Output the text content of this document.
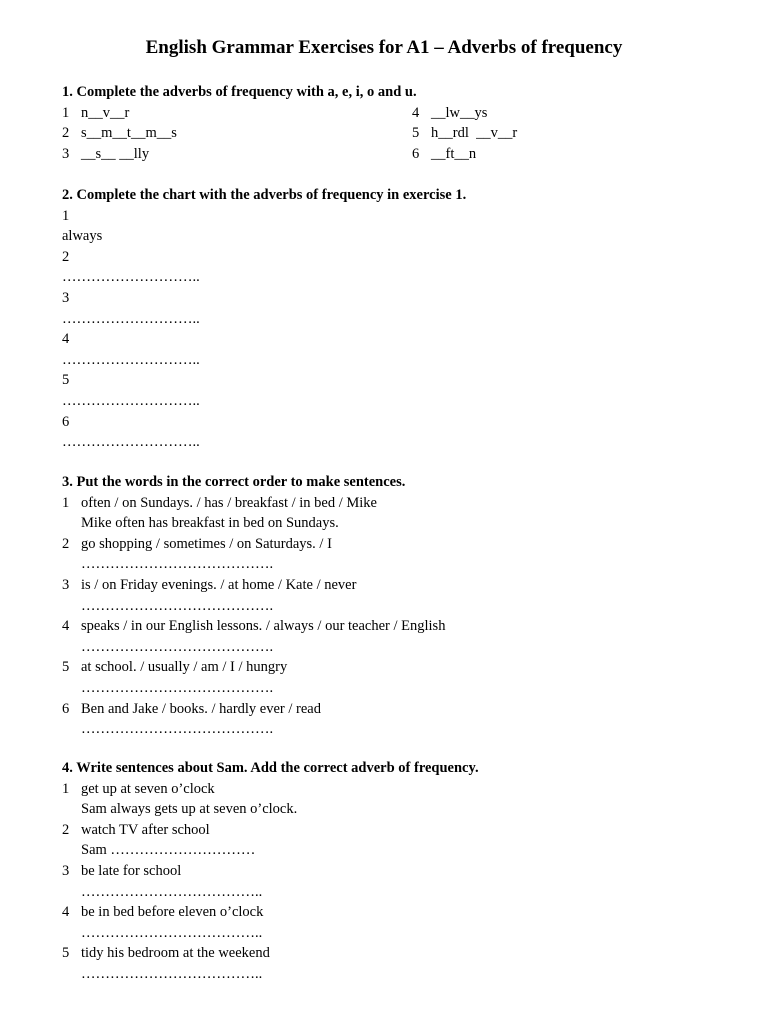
English Grammar Exercises for A1 – Adverbs of frequency
1. Complete the adverbs of frequency with a, e, i, o and u.
1 n__v__r
2 s__m__t__m__s
3 __s__ __lly
4 __lw__ys
5 h__rdl  __v__r
6 __ft__n
2. Complete the chart with the adverbs of frequency in exercise 1.
1
always
2
………………………..
3
………………………..
4
………………………..
5
………………………..
6
………………………..
3. Put the words in the correct order to make sentences.
1 often / on Sundays. / has / breakfast / in bed / Mike
Mike often has breakfast in bed on Sundays.
2 go shopping / sometimes / on Saturdays. / I
………………………………….
3 is / on Friday evenings. / at home / Kate / never
………………………………….
4 speaks / in our English lessons. / always / our teacher / English
………………………………….
5 at school. / usually / am / I / hungry
………………………………….
6 Ben and Jake / books. / hardly ever / read
………………………………….
4. Write sentences about Sam. Add the correct adverb of frequency.
1 get up at seven o’clock
Sam always gets up at seven o’clock.
2 watch TV after school
Sam …………………………
3 be late for school
………………………………..
4 be in bed before eleven o’clock
………………………………..
5 tidy his bedroom at the weekend
………………………………..
